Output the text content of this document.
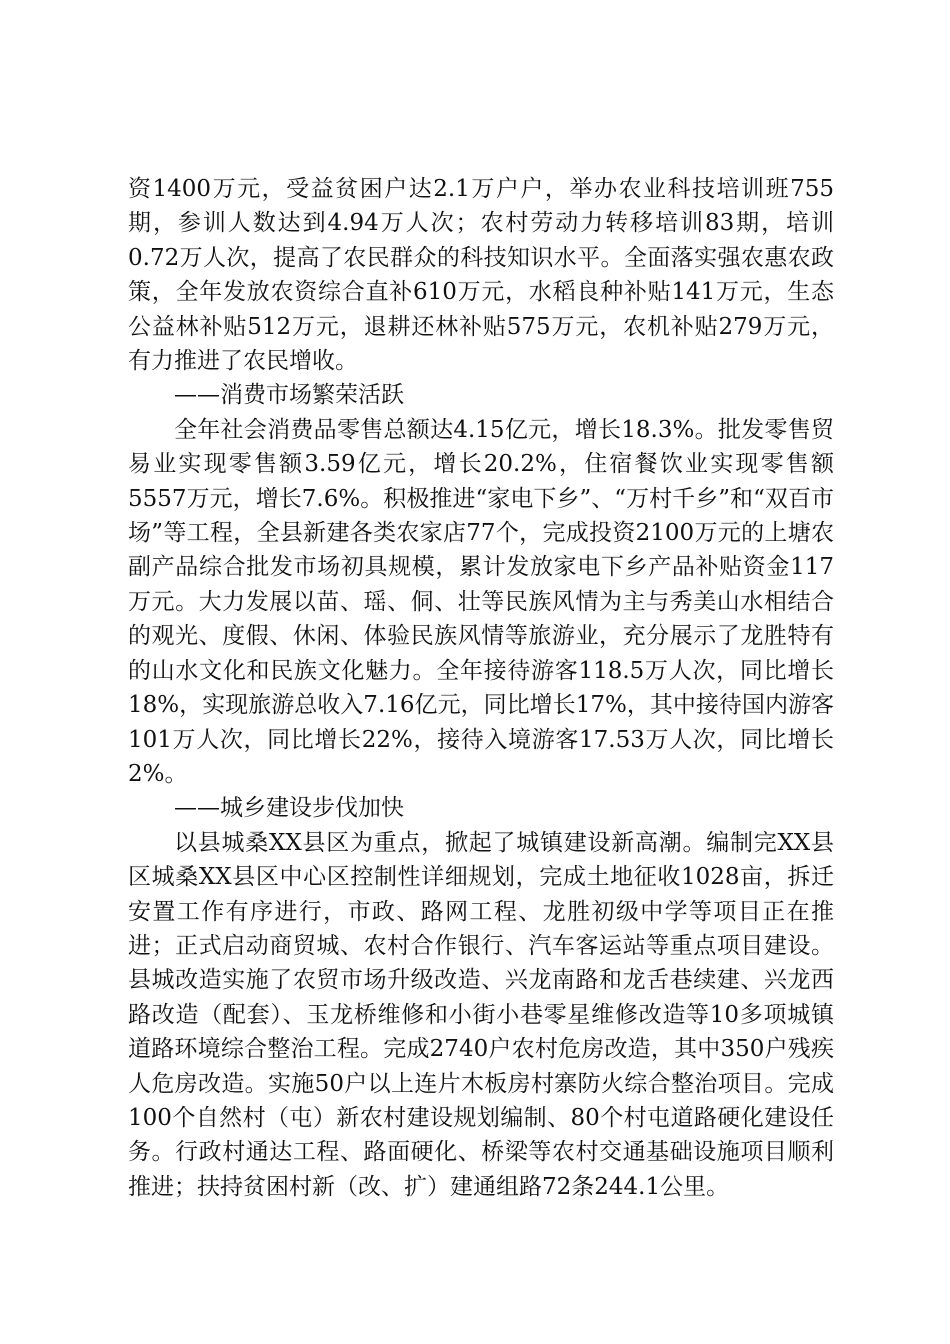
资1400万元，受益贫困户达2.1万户户，举办农业科技培训班755期，参训人数达到4.94万人次；农村劳动力转移培训83期，培训0.72万人次，提高了农民群众的科技知识水平。全面落实强农惠农政策，全年发放农资综合直补610万元，水稻良种补贴141万元，生态公益林补贴512万元，退耕还林补贴575万元，农机补贴279万元，有力推进了农民增收。

——消费市场繁荣活跃

全年社会消费品零售总额达4.15亿元，增长18.3%。批发零售贸易业实现零售额3.59亿元，增长20.2%，住宿餐饮业实现零售额5557万元，增长7.6%。积极推进“家电下乡”、“万村千乡”和“双百市场”等工程，全县新建各类农家店77个，完成投资2100万元的上塘农副产品综合批发市场初具规模，累计发放家电下乡产品补贴资金117万元。大力发展以苗、瑶、侗、壮等民族风情为主与秀美山水相结合的观光、度假、休闲、体验民族风情等旅游业，充分展示了龙胜特有的山水文化和民族文化魅力。全年接待游客118.5万人次，同比增长18%，实现旅游总收入7.16亿元，同比增长17%，其中接待国内游客101万人次，同比增长22%，接待入境游客17.53万人次，同比增长2%。

——城乡建设步伐加快

以县城桑XX县区为重点，掀起了城镇建设新高潮。编制完XX县区城桑XX县区中心区控制性详细规划，完成土地征收1028亩，拆迁安置工作有序进行，市政、路网工程、龙胜初级中学等项目正在推进；正式启动商贸城、农村合作银行、汽车客运站等重点项目建设。县城改造实施了农贸市场升级改造、兴龙南路和龙舌巷续建、兴龙西路改造（配套）、玉龙桥维修和小街小巷零星维修改造等10多项城镇道路环境综合整治工程。完成2740户农村危房改造，其中350户残疾人危房改造。实施50户以上连片木板房村寨防火综合整治项目。完成100个自然村（屯）新农村建设规划编制、80个村屯道路硬化建设任务。行政村通达工程、路面硬化、桥梁等农村交通基础设施项目顺利推进；扶持贫困村新（改、扩）建通组路72条244.1公里。
